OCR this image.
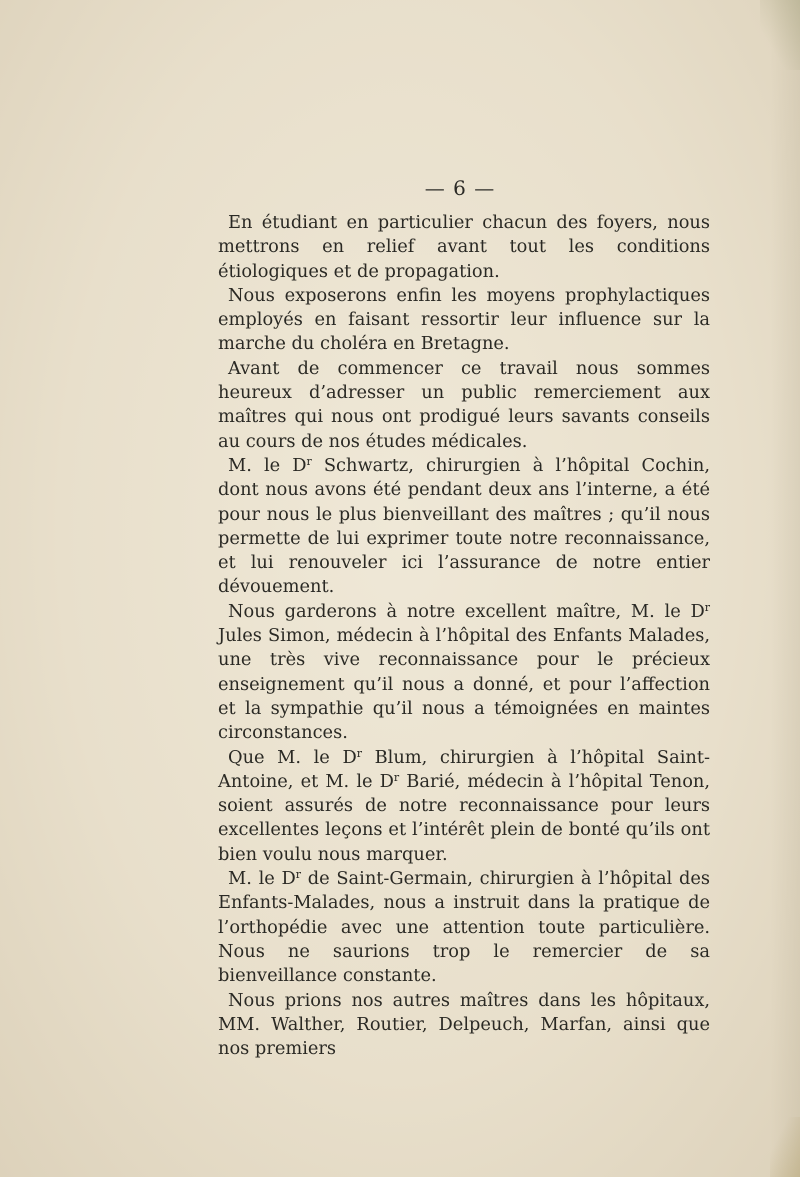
— 6 —

En étudiant en particulier chacun des foyers, nous mettrons en relief avant tout les conditions étiologiques et de propagation.

Nous exposerons enfin les moyens prophylactiques employés en faisant ressortir leur influence sur la marche du choléra en Bretagne.

Avant de commencer ce travail nous sommes heureux d’adresser un public remerciement aux maîtres qui nous ont prodigué leurs savants conseils au cours de nos études médicales.

M. le $D^r$ Schwartz, chirurgien à l’hôpital Cochin, dont nous avons été pendant deux ans l’interne, a été pour nous le plus bienveillant des maîtres ; qu’il nous permette de lui exprimer toute notre reconnaissance, et lui renouveler ici l’assurance de notre entier dévouement.

Nous garderons à notre excellent maître, M. le $D^r$ Jules Simon, médecin à l’hôpital des Enfants Malades, une très vive reconnaissance pour le précieux enseignement qu’il nous a donné, et pour l’affection et la sympathie qu’il nous a témoignées en maintes circonstances.

Que M. le $D^r$ Blum, chirurgien à l’hôpital Saint-Antoine, et M. le $D^r$ Barié, médecin à l’hôpital Tenon, soient assurés de notre reconnaissance pour leurs excellentes leçons et l’intérêt plein de bonté qu’ils ont bien voulu nous marquer.

M. le $D^r$ de Saint-Germain, chirurgien à l’hôpital des Enfants-Malades, nous a instruit dans la pratique de l’orthopédie avec une attention toute particulière. Nous ne saurions trop le remercier de sa bienveillance constante.

Nous prions nos autres maîtres dans les hôpitaux, MM. Walther, Routier, Delpeuch, Marfan, ainsi que nos premiers
